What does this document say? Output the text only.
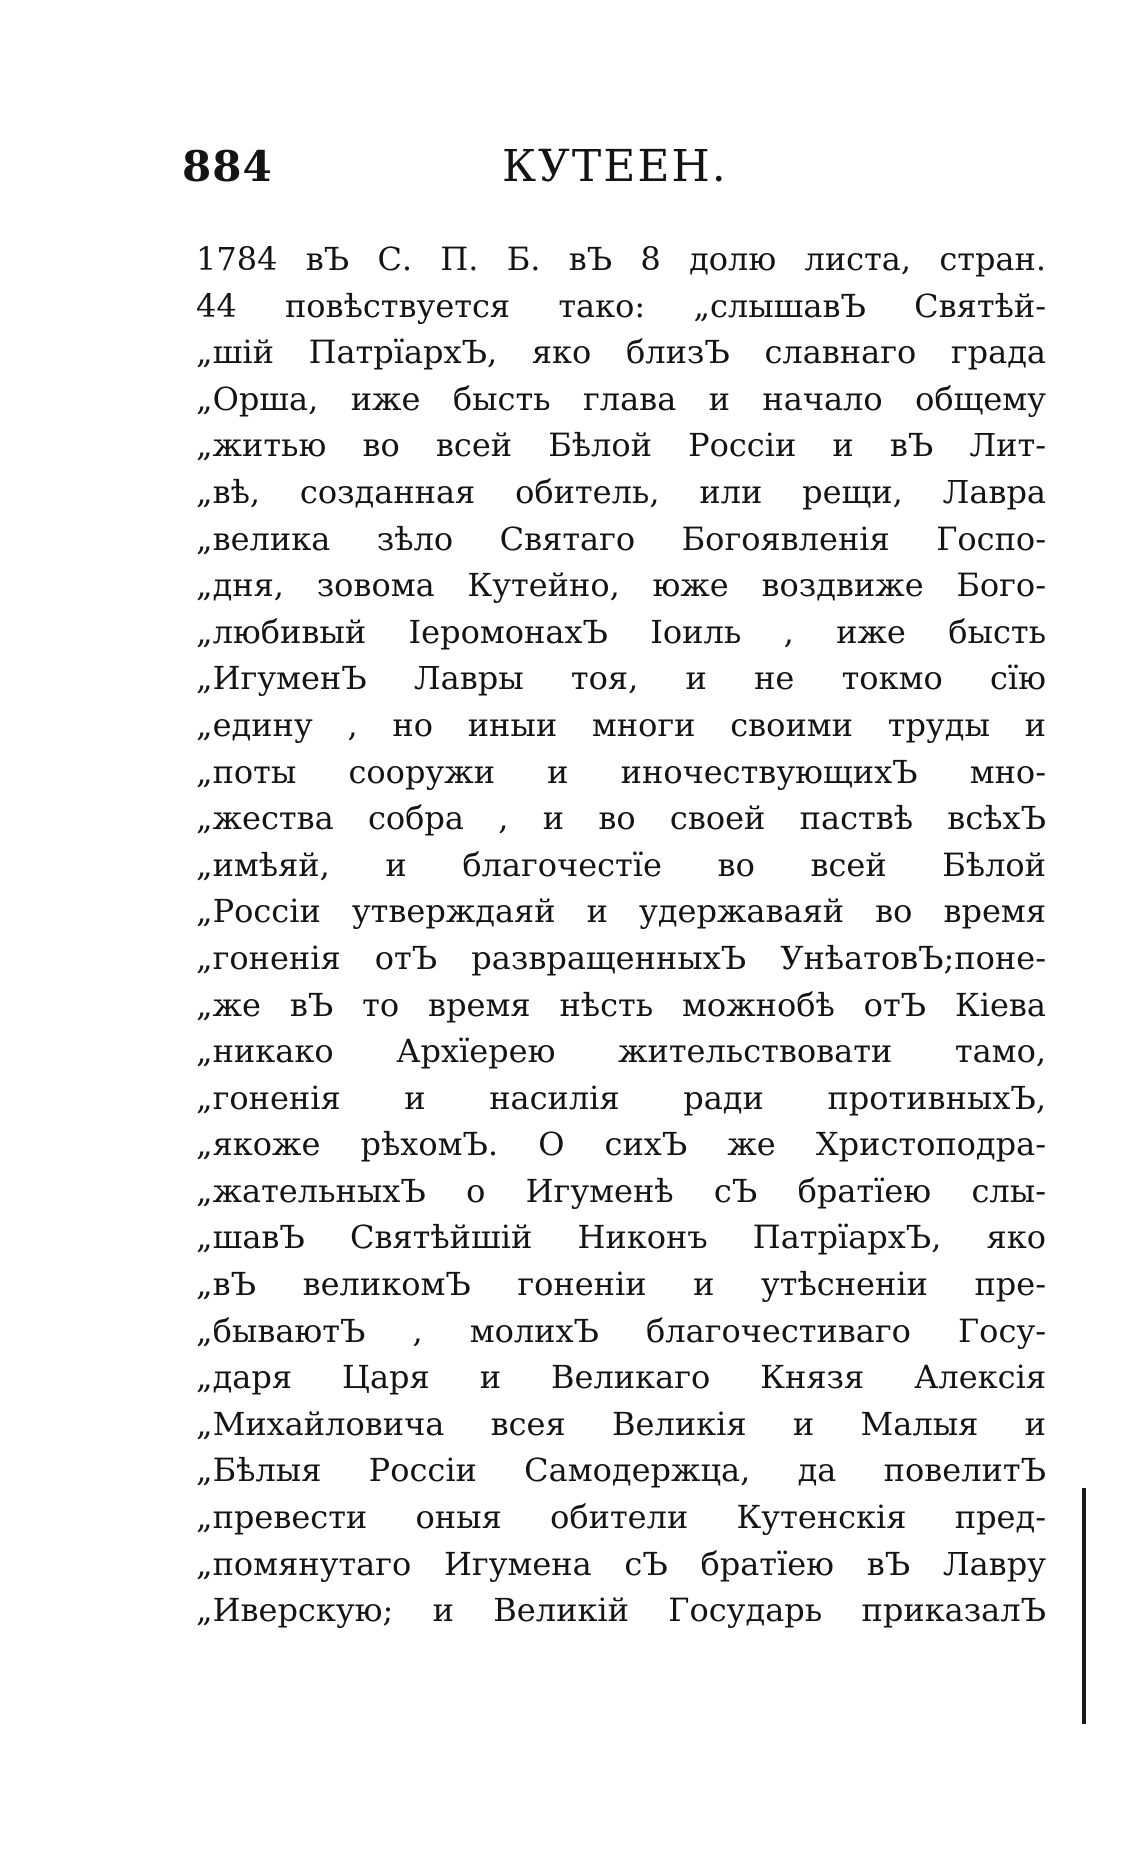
884	КУТЕЕН.
1784 вЪ С. П. Б. вЪ 8 долю листа, стран.
44 повѣствуется тако: „слышавЪ Святѣй-
„шій ПатрїархЪ, яко близЪ славнаго града
„Орша, иже бысть глава и начало общему
„житью во всей Бѣлой Россіи и вЪ Лит-
„вѣ, созданная обитель, или рещи, Лавра
„велика зѣло Святаго Богоявленія Госпо-
„дня, зовома Кутейно, юже воздвиже Бого-
„любивый ІеромонахЪ Іоиль , иже бысть
„ИгуменЪ Лавры тоя, и не токмо сїю
„едину , но иныи многи своими труды и
„поты сооружи и иночествующихЪ мно-
„жества собра , и во своей паствѣ всѣхЪ
„имѣяй, и благочестїе во всей Бѣлой
„Россіи утверждаяй и удержаваяй во время
„гоненія отЪ развращенныхЪ УнѣатовЪ;поне-
„же вЪ то время нѣсть можнобѣ отЪ Кіева
„никако Архїерею жительствовати тамо,
„гоненія и насилія ради противныхЪ,
„якоже рѣхомЪ. О сихЪ же Христоподра-
„жательныхЪ о Игуменѣ сЪ братїею слы-
„шавЪ Святѣйшій Никонъ ПатрїархЪ, яко
„вЪ великомЪ гоненіи и утѣсненіи пре-
„бываютЪ , молихЪ благочестиваго Госу-
„даря Царя и Великаго Князя Алексія
„Михайловича всея Великія и Малыя и
„Бѣлыя Россіи Самодержца, да повелитЪ
„превести оныя обители Кутенскія пред-
„помянутаго Игумена сЪ братїею вЪ Лавру
„Иверскую; и Великій Государь приказалЪ
